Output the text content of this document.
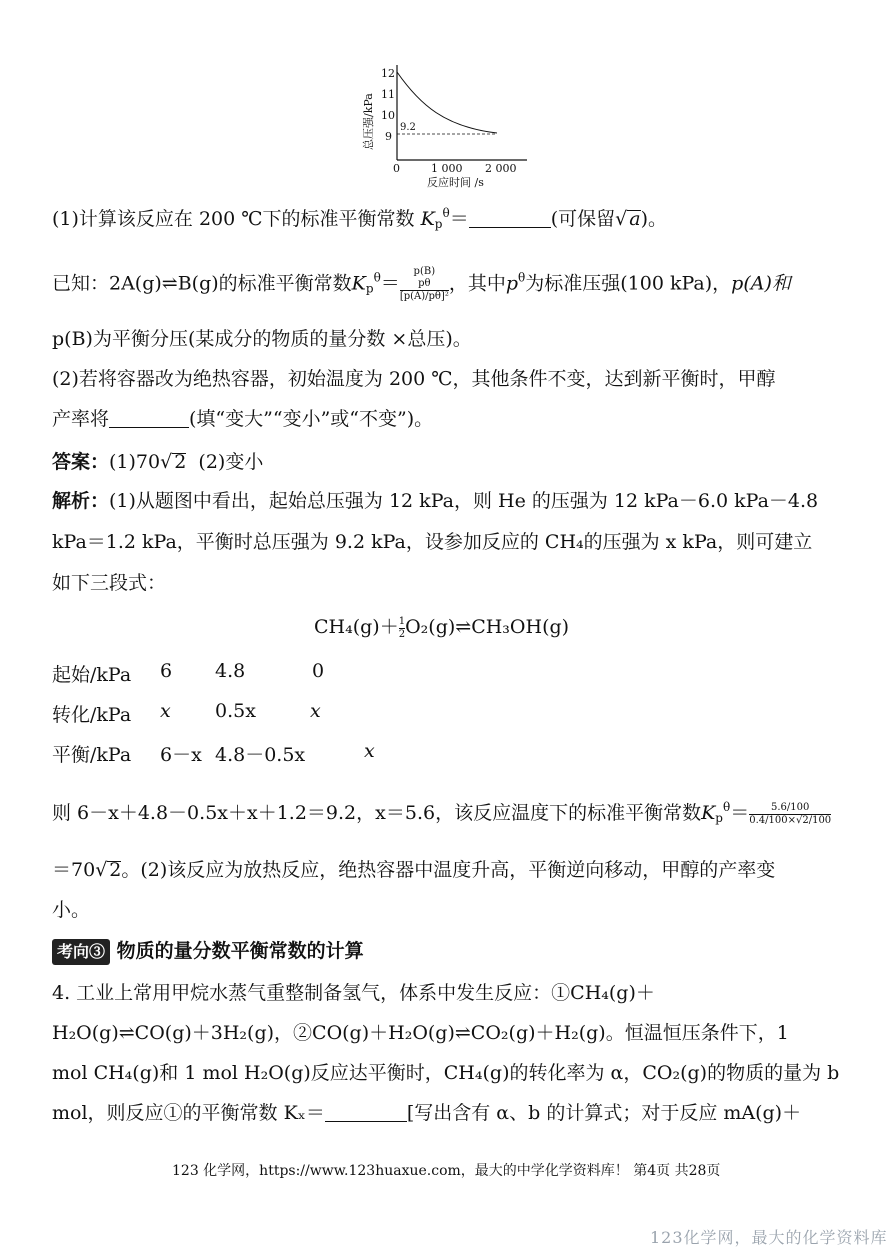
12
11
10
9
9.2
0	1 000 2 000
反应时间 /s
总压强/kPa
(1)计算该反应在 200 ℃下的标准平衡常数 $K_p^\theta=$	(可保留√ a)。
已知：2A(g)⇌B(g)的标准平衡常数$K_p^\theta=$
p(B)
pθ
[p(A)/pθ]²
，其中$p^\theta$为标准压强(100 kPa)，p(A)和
p(B)为平衡分压(某成分的物质的量分数 ×总压)。
(2)若将容器改为绝热容器，初始温度为 200 ℃，其他条件不变，达到新平衡时，甲醇
产率将	(填“变大”“变小”或“不变”)。
答案：(1)70√ 2 (2)变小
解析：(1)从题图中看出，起始总压强为 12 kPa，则 He 的压强为 12 kPa－6.0 kPa－4.8
kPa＝1.2 kPa，平衡时总压强为 9.2 kPa，设参加反应的 CH₄的压强为 x kPa，则可建立
如下三段式：
$CH_4(g)+ \frac{1}{2}$ O₂(g)⇌CH₃OH(g)
起始/kPa 6 4.8	0
转化/kPa x 0.5x	x
平衡/kPa 6－x 4.8－0.5x	x
则 6－x＋4.8－0.5x＋x＋1.2＝9.2，x＝5.6，该反应温度下的标准平衡常数$K_p^\theta= \frac{5.6/100}{0.4/100\times√2/100}$
＝70√ 2。(2)该反应为放热反应，绝热容器中温度升高，平衡逆向移动，甲醇的产率变
小。
考向③ 物质的量分数平衡常数的计算
4. 工业上常用甲烷水蒸气重整制备氢气，体系中发生反应：①CH₄(g)＋
H₂O(g)⇌CO(g)＋3H₂(g)，②CO(g)＋H₂O(g)⇌CO₂(g)＋H₂(g)。恒温恒压条件下，1
mol CH₄(g)和 1 mol H₂O(g)反应达平衡时，CH₄(g)的转化率为 α，CO₂(g)的物质的量为 b
mol，则反应①的平衡常数 Kₓ＝	[写出含有 α、b 的计算式；对于反应 mA(g)＋
123 化学网，https://www.123huaxue.com，最大的中学化学资料库！ 第4页 共28页
123化学网，最大的化学资料库
